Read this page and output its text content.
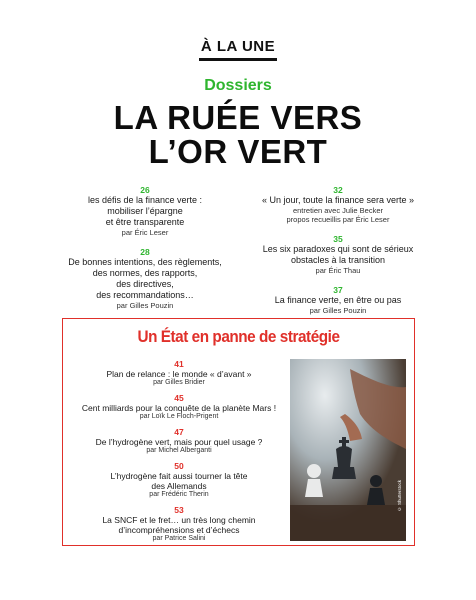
À LA UNE
Dossiers
LA RUÉE VERS
L’OR VERT
26
les défis de la finance verte :
mobiliser l’épargne
et être transparente
par Éric Leser
28
De bonnes intentions, des règlements,
des normes, des rapports,
des directives,
des recommandations…
par Gilles Pouzin
32
« Un jour, toute la finance sera verte »
entretien avec Julie Becker
propos recueillis par Éric Leser
35
Les six paradoxes qui sont de sérieux
obstacles à la transition
par Éric Thau
37
La finance verte, en être ou pas
par Gilles Pouzin
Un État en panne de stratégie
41
Plan de relance : le monde « d’avant »
par Gilles Bridier
45
Cent milliards pour la conquête de la planète Mars !
par Loïk Le Floch-Prigent
47
De l’hydrogène vert, mais pour quel usage ?
par Michel Alberganti
50
L’hydrogène fait aussi tourner la tête
des Allemands
par Frédéric Therin
53
La SNCF et le fret… un très long chemin
d’incompréhensions et d’échecs
par Patrice Salini
© Shutterstock
